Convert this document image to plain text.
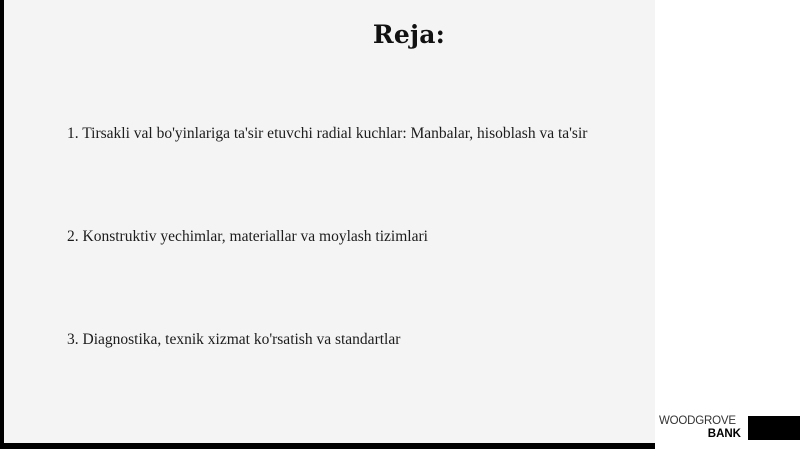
Reja:
1. Tirsakli val bo'yinlariga ta'sir etuvchi radial kuchlar: Manbalar, hisoblash va ta'sir
2. Konstruktiv yechimlar, materiallar va moylash tizimlari
3. Diagnostika, texnik xizmat ko'rsatish va standartlar
WOODGROVE
BANK
